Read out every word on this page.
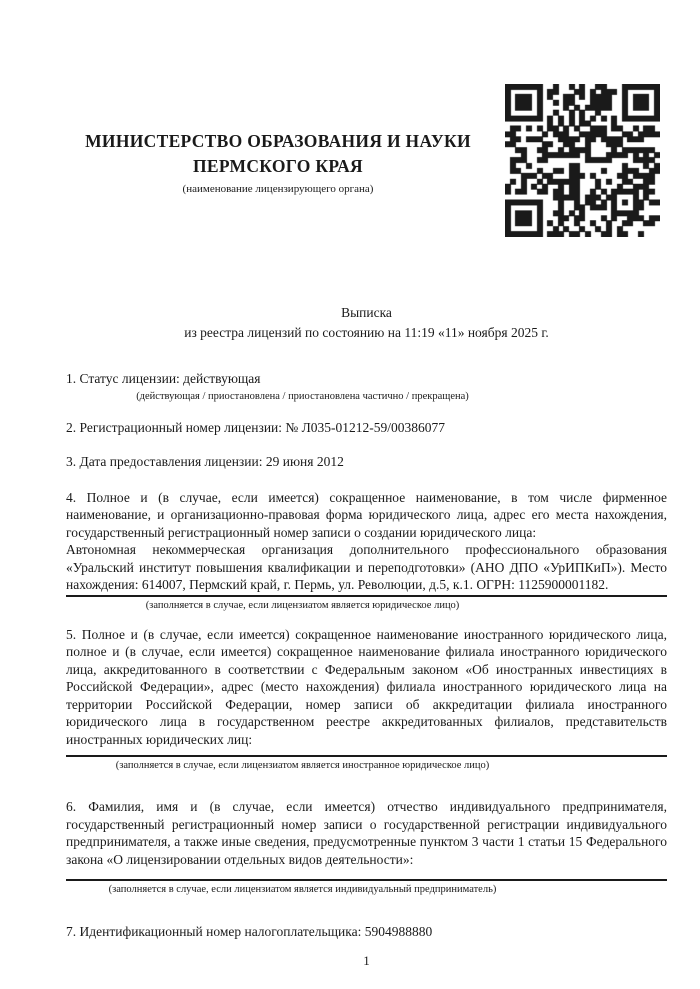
МИНИСТЕРСТВО ОБРАЗОВАНИЯ И НАУКИ
ПЕРМСКОГО КРАЯ
(наименование лицензирующего органа)
Выписка
из реестра лицензий по состоянию на 11:19 «11» ноября 2025 г.

1. Статус лицензии: действующая

(действующая / приостановлена / приостановлена частично / прекращена)

2. Регистрационный номер лицензии: № Л035-01212-59/00386077

3. Дата предоставления лицензии: 29 июня 2012

4. Полное и (в случае, если имеется) сокращенное наименование, в том числе фирменное наименование, и организационно-правовая форма юридического лица, адрес его места нахождения, государственный регистрационный номер записи о создании юридического лица:
Автономная некоммерческая организация дополнительного профессионального образования «Уральский институт повышения квалификации и переподготовки» (АНО ДПО «УрИПКиП»). Место нахождения: 614007, Пермский край, г. Пермь, ул. Революции, д.5, к.1. ОГРН: 1125900001182.
(заполняется в случае, если лицензиатом является юридическое лицо)

5. Полное и (в случае, если имеется) сокращенное наименование иностранного юридического лица, полное и (в случае, если имеется) сокращенное наименование филиала иностранного юридического лица, аккредитованного в соответствии с Федеральным законом «Об иностранных инвестициях в Российской Федерации», адрес (место нахождения) филиала иностранного юридического лица на территории Российской Федерации, номер записи об аккредитации филиала иностранного юридического лица в государственном реестре аккредитованных филиалов, представительств иностранных юридических лиц:

(заполняется в случае, если лицензиатом является иностранное юридическое лицо)

6. Фамилия, имя и (в случае, если имеется) отчество индивидуального предпринимателя, государственный регистрационный номер записи о государственной регистрации индивидуального предпринимателя, а также иные сведения, предусмотренные пунктом 3 части 1 статьи 15 Федерального закона «О лицензировании отдельных видов деятельности»:

(заполняется в случае, если лицензиатом является индивидуальный предприниматель)

7. Идентификационный номер налогоплательщика: 5904988880

1
